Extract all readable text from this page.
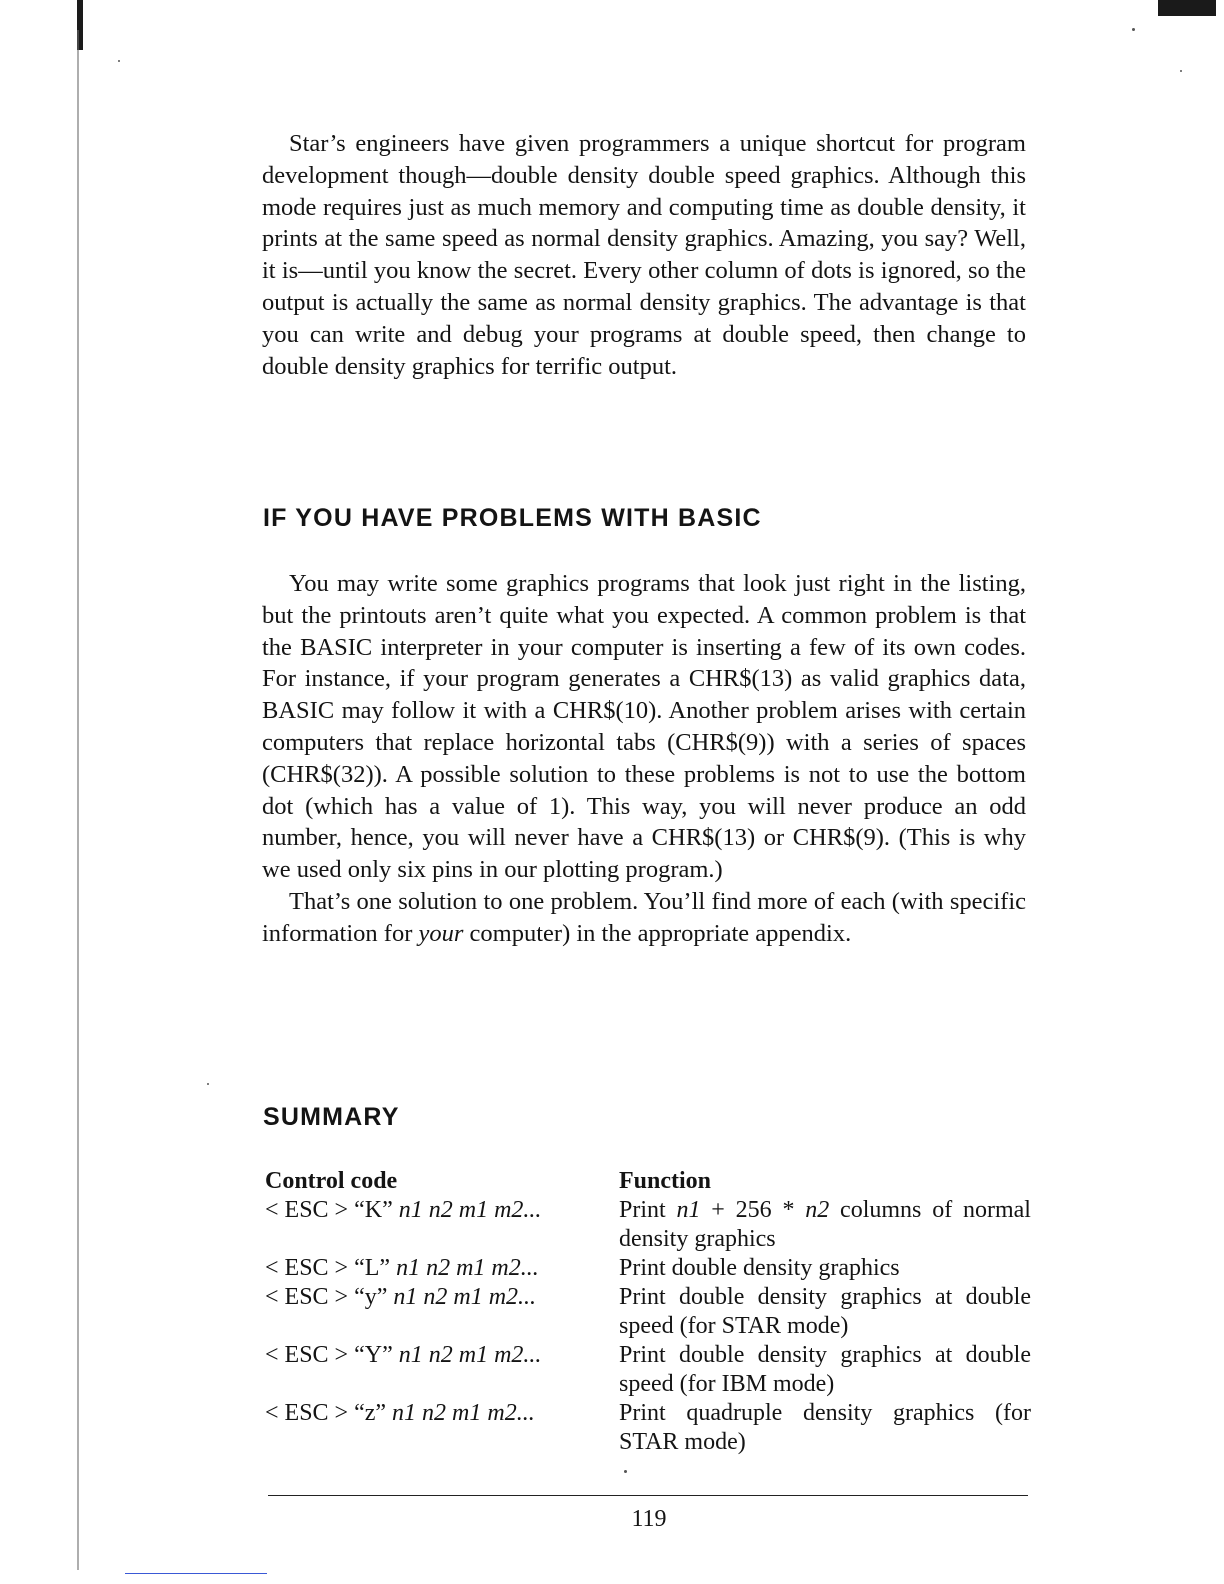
Star’s engineers have given programmers a unique shortcut for program development though—double density double speed graphics. Although this mode requires just as much memory and computing time as double density, it prints at the same speed as normal density graphics. Amazing, you say? Well, it is—until you know the secret. Every other column of dots is ignored, so the output is actually the same as normal density graphics. The advantage is that you can write and debug your programs at double speed, then change to double density graphics for terrific output.

IF YOU HAVE PROBLEMS WITH BASIC

You may write some graphics programs that look just right in the listing, but the printouts aren’t quite what you expected. A common problem is that the BASIC interpreter in your computer is inserting a few of its own codes. For instance, if your program generates a CHR$(13) as valid graphics data, BASIC may follow it with a CHR$(10). Another problem arises with certain computers that replace horizontal tabs (CHR$(9)) with a series of spaces (CHR$(32)). A possible solution to these problems is not to use the bottom dot (which has a value of 1). This way, you will never produce an odd number, hence, you will never have a CHR$(13) or CHR$(9). (This is why we used only six pins in our plotting program.)

That’s one solution to one problem. You’ll find more of each (with specific information for your computer) in the appropriate appendix.

SUMMARY
Control code	Function
< ESC > “K” n1 n2 m1 m2...	Print n1 + 256 * n2 columns of normal density graphics
< ESC > “L” n1 n2 m1 m2...	Print double density graphics
< ESC > “y” n1 n2 m1 m2...	Print double density graphics at double speed (for STAR mode)
< ESC > “Y” n1 n2 m1 m2...	Print double density graphics at double speed (for IBM mode)
< ESC > “z” n1 n2 m1 m2...	Print quadruple density graphics (for STAR mode)
119
